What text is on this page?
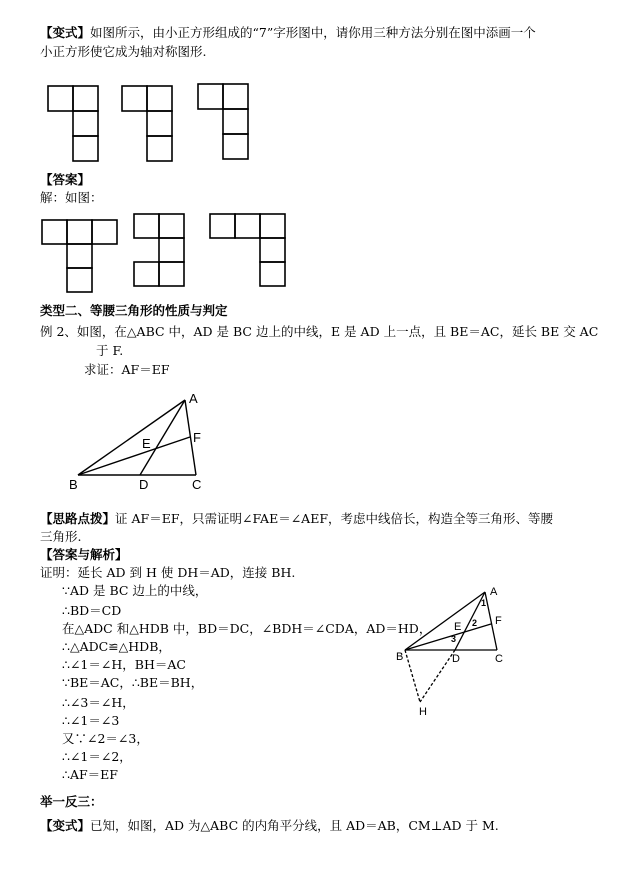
【变式】如图所示，由小正方形组成的“7”字形图中，请你用三种方法分别在图中添画一个
小正方形使它成为轴对称图形.
【答案】
解：如图：
类型二、等腰三角形的性质与判定
例 2、如图，在△ABC 中，AD 是 BC 边上的中线，E 是 AD 上一点，且 BE＝AC，延长 BE 交 AC
于 F.
求证：AF＝EF
A
B	C
D
E	F
【思路点拨】证 AF＝EF，只需证明∠FAE＝∠AEF，考虑中线倍长，构造全等三角形、等腰
三角形.
【答案与解析】
证明：延长 AD 到 H 使 DH＝AD，连接 BH.
∵AD 是 BC 边上的中线，
∴BD＝CD
在△ADC 和△HDB 中，BD＝DC，∠BDH＝∠CDA，AD＝HD，
∴△ADC≌△HDB，
∴∠1＝∠H，BH＝AC
∵BE＝AC，∴BE＝BH，
∴∠3＝∠H，
∴∠1＝∠3
又∵∠2＝∠3，
∴∠1＝∠2，
∴AF＝EF
A
B	C
D
E	F
H
1
2
3
举一反三：
【变式】已知，如图，AD 为△ABC 的内角平分线，且 AD＝AB，CM⊥AD 于 M.
